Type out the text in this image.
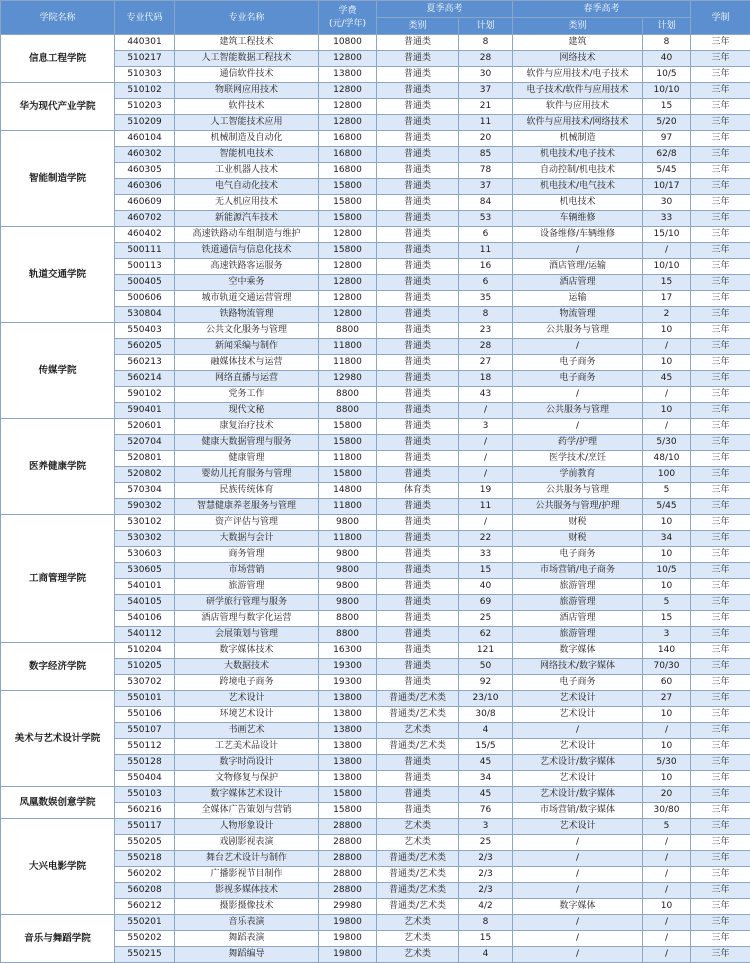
学院名称	专业代码	专业名称	学费
(元/学年)	夏季高考		春季高考		学制
				类别	计划	类别	计划	
信息工程学院	440301	建筑工程技术	10800	普通类	8	建筑	8	三年
	510217	人工智能数据工程技术	12800	普通类	28	网络技术	40	三年
	510303	通信软件技术	13800	普通类	30	软件与应用技术/电子技术	10/5	三年
华为现代产业学院	510102	物联网应用技术	12800	普通类	37	电子技术/软件与应用技术	10/10	三年
	510203	软件技术	12800	普通类	21	软件与应用技术	15	三年
	510209	人工智能技术应用	12800	普通类	11	软件与应用技术/网络技术	5/20	三年
智能制造学院	460104	机械制造及自动化	16800	普通类	20	机械制造	97	三年
	460302	智能机电技术	16800	普通类	85	机电技术/电子技术	62/8	三年
	460305	工业机器人技术	16800	普通类	78	自动控制/机电技术	5/45	三年
	460306	电气自动化技术	15800	普通类	37	机电技术/电气技术	10/17	三年
	460609	无人机应用技术	15800	普通类	84	机电技术	30	三年
	460702	新能源汽车技术	15800	普通类	53	车辆维修	33	三年
轨道交通学院	460402	高速铁路动车组制造与维护	12800	普通类	6	设备维修/车辆维修	15/10	三年
	500111	铁道通信与信息化技术	15800	普通类	11	/	/	三年
	500113	高速铁路客运服务	12800	普通类	16	酒店管理/运输	10/10	三年
	500405	空中乘务	12800	普通类	6	酒店管理	15	三年
	500606	城市轨道交通运营管理	12800	普通类	35	运输	17	三年
	530804	铁路物流管理	12800	普通类	8	物流管理	2	三年
传媒学院	550403	公共文化服务与管理	8800	普通类	23	公共服务与管理	10	三年
	560205	新闻采编与制作	11800	普通类	28	/	/	三年
	560213	融媒体技术与运营	11800	普通类	27	电子商务	10	三年
	560214	网络直播与运营	12980	普通类	18	电子商务	45	三年
	590102	党务工作	8800	普通类	43	/	/	三年
	590401	现代文秘	8800	普通类	/	公共服务与管理	10	三年
医养健康学院	520601	康复治疗技术	15800	普通类	3	/	/	三年
	520704	健康大数据管理与服务	15800	普通类	/	药学/护理	5/30	三年
	520801	健康管理	11800	普通类	/	医学技术/烹饪	48/10	三年
	520802	婴幼儿托育服务与管理	15800	普通类	/	学前教育	100	三年
	570304	民族传统体育	14800	体育类	19	公共服务与管理	5	三年
	590302	智慧健康养老服务与管理	11800	普通类	11	公共服务与管理/护理	5/45	三年
工商管理学院	530102	资产评估与管理	9800	普通类	/	财税	10	三年
	530302	大数据与会计	11800	普通类	22	财税	34	三年
	530603	商务管理	9800	普通类	33	电子商务	10	三年
	530605	市场营销	9800	普通类	15	市场营销/电子商务	10/5	三年
	540101	旅游管理	9800	普通类	40	旅游管理	10	三年
	540105	研学旅行管理与服务	9800	普通类	69	旅游管理	5	三年
	540106	酒店管理与数字化运营	8800	普通类	25	酒店管理	15	三年
	540112	会展策划与管理	8800	普通类	62	旅游管理	3	三年
数字经济学院	510204	数字媒体技术	16300	普通类	121	数字媒体	140	三年
	510205	大数据技术	19300	普通类	50	网络技术/数字媒体	70/30	三年
	530702	跨境电子商务	19300	普通类	92	电子商务	60	三年
美术与艺术设计学院	550101	艺术设计	13800	普通类/艺术类	23/10	艺术设计	27	三年
	550106	环境艺术设计	13800	普通类/艺术类	30/8	艺术设计	10	三年
	550107	书画艺术	13800	艺术类	4	/	/	三年
	550112	工艺美术品设计	13800	普通类/艺术类	15/5	艺术设计	10	三年
	550128	数字时尚设计	13800	普通类	45	艺术设计/数字媒体	5/30	三年
	550404	文物修复与保护	13800	普通类	34	艺术设计	10	三年
凤凰数娱创意学院	550103	数字媒体艺术设计	15800	普通类	45	艺术设计/数字媒体	20	三年
	560216	全媒体广告策划与营销	15800	普通类	76	市场营销/数字媒体	30/80	三年
大兴电影学院	550117	人物形象设计	28800	艺术类	3	艺术设计	5	三年
	550205	戏剧影视表演	28800	艺术类	25	/	/	三年
	550218	舞台艺术设计与制作	28800	普通类/艺术类	2/3	/	/	三年
	560202	广播影视节目制作	28800	普通类/艺术类	2/3	/	/	三年
	560208	影视多媒体技术	28800	普通类/艺术类	2/3	/	/	三年
	560212	摄影摄像技术	29980	普通类/艺术类	4/2	数字媒体	10	三年
音乐与舞蹈学院	550201	音乐表演	19800	艺术类	8	/	/	三年
	550202	舞蹈表演	19800	艺术类	15	/	/	三年
	550215	舞蹈编导	19800	艺术类	4	/	/	三年
